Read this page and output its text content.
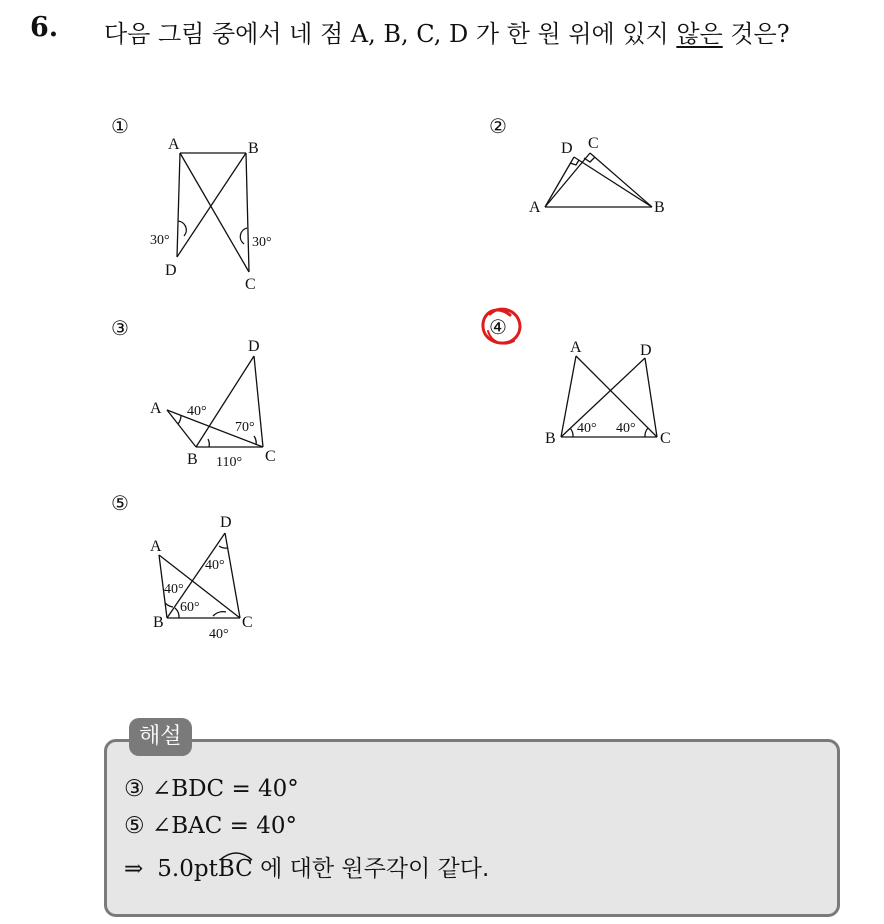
6. 다음 그림 중에서 네 점 A, B, C, D 가 한 원 위에 있지 않은 것은?
①	②
③	④
⑤
A	B
D
C
30°	30°
D C
A	B
D
A
B	C
40°
70°
110°
A	D
B	C
40° 40°
D
A
B	C
40°
40°
60°
40°
해설
③ ∠BDC = 40°
⑤ ∠BAC = 40°
⇒ 5.0pt
BC 에 대한 원주각이 같다.
